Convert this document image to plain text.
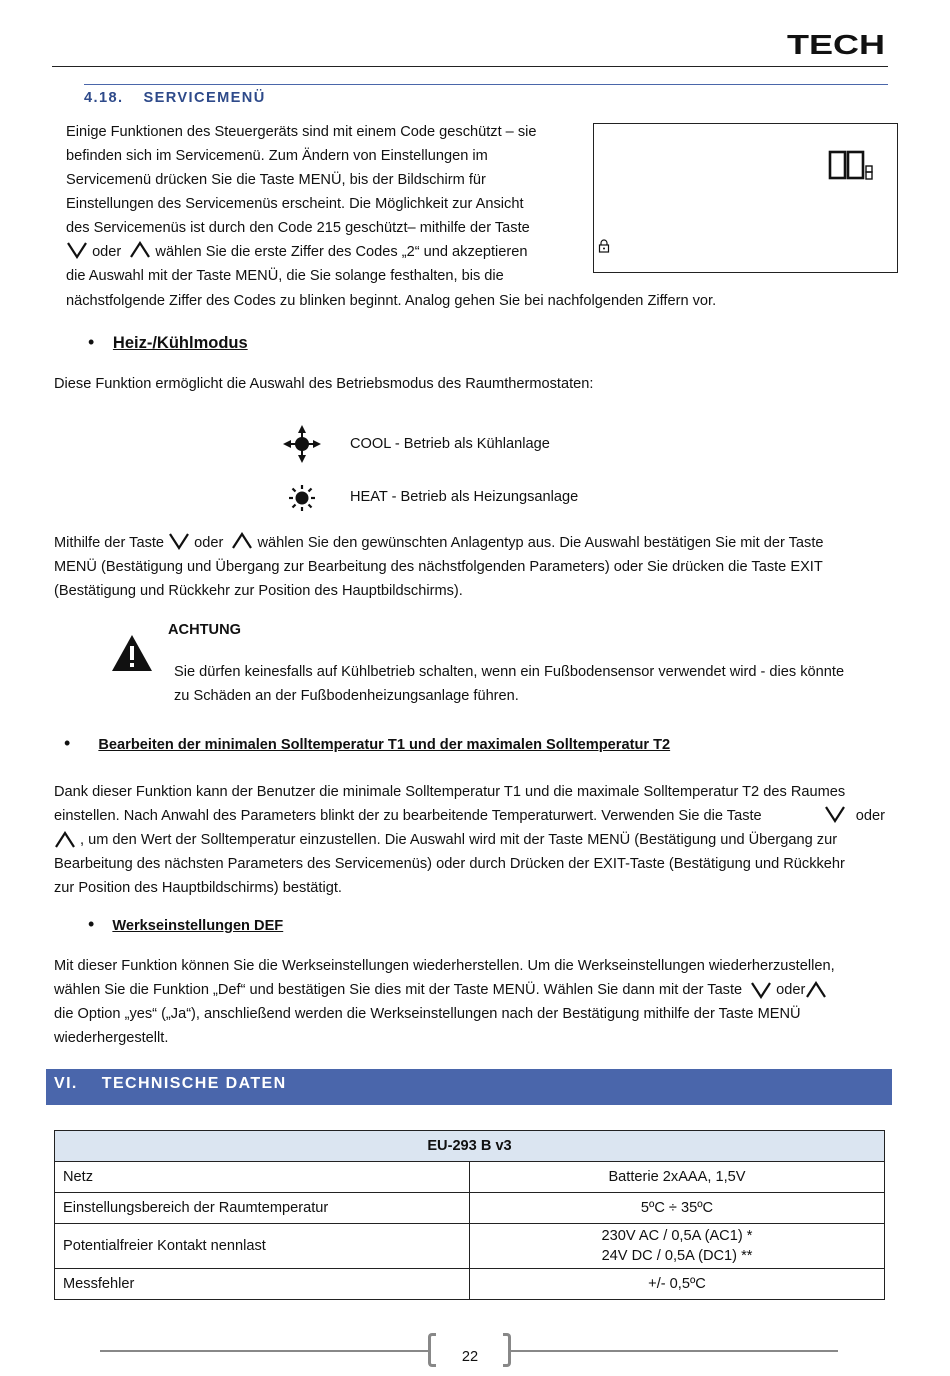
TECH
4.18. SERVICEMENÜ
Einige Funktionen des Steuergeräts sind mit einem Code geschützt – sie
befinden sich im Servicemenü. Zum Ändern von Einstellungen im
Servicemenü drücken Sie die Taste MENÜ, bis der Bildschirm für
Einstellungen des Servicemenüs erscheint. Die Möglichkeit zur Ansicht
des Servicemenüs ist durch den Code 215 geschützt– mithilfe der Taste
oder wählen Sie die erste Ziffer des Codes „2“ und akzeptieren
die Auswahl mit der Taste MENÜ, die Sie solange festhalten, bis die
nächstfolgende Ziffer des Codes zu blinken beginnt. Analog gehen Sie bei nachfolgenden Ziffern vor.
• Heiz-/Kühlmodus
Diese Funktion ermöglicht die Auswahl des Betriebsmodus des Raumthermostaten:
COOL - Betrieb als Kühlanlage
HEAT - Betrieb als Heizungsanlage
Mithilfe der Taste oder wählen Sie den gewünschten Anlagentyp aus. Die Auswahl bestätigen Sie mit der Taste
MENÜ (Bestätigung und Übergang zur Bearbeitung des nächstfolgenden Parameters) oder Sie drücken die Taste EXIT
(Bestätigung und Rückkehr zur Position des Hauptbildschirms).
ACHTUNG
Sie dürfen keinesfalls auf Kühlbetrieb schalten, wenn ein Fußbodensensor verwendet wird - dies könnte
zu Schäden an der Fußbodenheizungsanlage führen.
• Bearbeiten der minimalen Solltemperatur T1 und der maximalen Solltemperatur T2
Dank dieser Funktion kann der Benutzer die minimale Solltemperatur T1 und die maximale Solltemperatur T2 des Raumes
einstellen. Nach Anwahl des Parameters blinkt der zu bearbeitende Temperaturwert. Verwenden Sie die Taste	oder
, um den Wert der Solltemperatur einzustellen. Die Auswahl wird mit der Taste MENÜ (Bestätigung und Übergang zur
Bearbeitung des nächsten Parameters des Servicemenüs) oder durch Drücken der EXIT-Taste (Bestätigung und Rückkehr
zur Position des Hauptbildschirms) bestätigt.
• Werkseinstellungen DEF
Mit dieser Funktion können Sie die Werkseinstellungen wiederherstellen. Um die Werkseinstellungen wiederherzustellen,
wählen Sie die Funktion „Def“ und bestätigen Sie dies mit der Taste MENÜ. Wählen Sie dann mit der Taste oder
die Option „yes“ („Ja“), anschließend werden die Werkseinstellungen nach der Bestätigung mithilfe der Taste MENÜ
wiederhergestellt.
VI. TECHNISCHE DATEN
EU-293 B v3	
Netz	Batterie 2xAAA, 1,5V
Einstellungsbereich der Raumtemperatur	5ºC ÷ 35ºC
Potentialfreier Kontakt nennlast	230V AC / 0,5A (AC1) *
24V DC / 0,5A (DC1) **

Messfehler	+/- 0,5ºC
22
